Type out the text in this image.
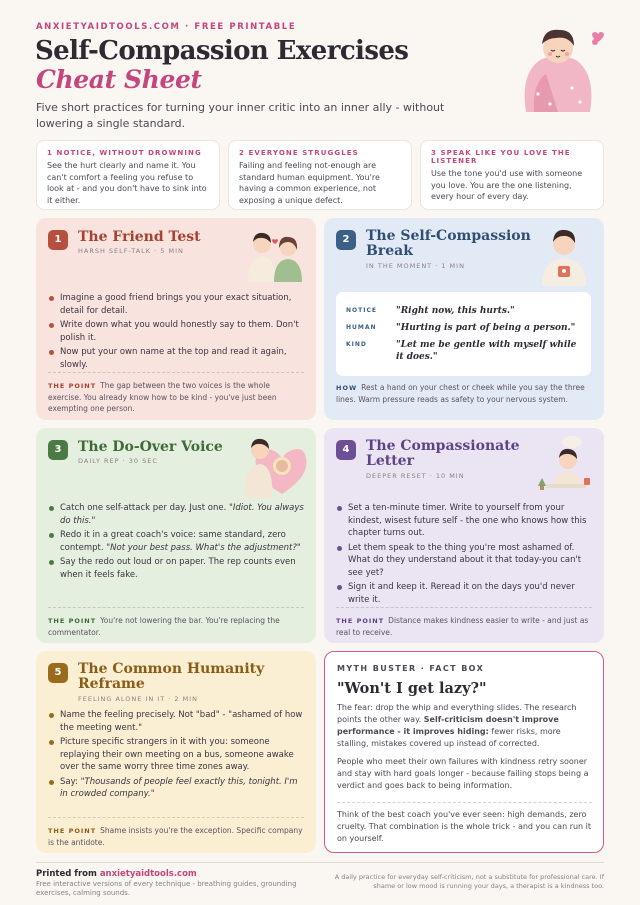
ANXIETYAIDTOOLS.COM · FREE PRINTABLE
Self-Compassion Exercises
Cheat Sheet
Five short practices for turning your inner critic into an inner ally - without lowering a single standard.
1 NOTICE, WITHOUT DROWNING
See the hurt clearly and name it. You can't comfort a feeling you refuse to look at - and you don't have to sink into it either.
2 EVERYONE STRUGGLES
Failing and feeling not-enough are standard human equipment. You're having a common experience, not exposing a unique defect.
3 SPEAK LIKE YOU LOVE THE LISTENER
Use the tone you'd use with someone you love. You are the one listening, every hour of every day.
1	The Friend Test
HARSH SELF-TALK · 5 MIN
Imagine a good friend brings you your exact situation, detail for detail.
Write down what you would honestly say to them. Don't polish it.
Now put your own name at the top and read it again, slowly.
THE POINT The gap between the two voices is the whole exercise. You already know how to be kind - you've just been exempting one person.
2	The Self-Compassion
Break
IN THE MOMENT · 1 MIN
NOTICE "Right now, this hurts."
HUMAN "Hurting is part of being a person."
KIND	"Let me be gentle with myself while it does."
HOW Rest a hand on your chest or cheek while you say the three lines. Warm pressure reads as safety to your nervous system.
3	The Do-Over Voice
DAILY REP · 30 SEC
Catch one self-attack per day. Just one. "Idiot. You always do this."
Redo it in a great coach's voice: same standard, zero contempt. "Not your best pass. What's the adjustment?"
Say the redo out loud or on paper. The rep counts even when it feels fake.
THE POINT You're not lowering the bar. You're replacing the commentator.
4	The Compassionate
Letter
DEEPER RESET · 10 MIN
Set a ten-minute timer. Write to yourself from your kindest, wisest future self - the one who knows how this chapter turns out.
Let them speak to the thing you're most ashamed of. What do they understand about it that today-you can't see yet?
Sign it and keep it. Reread it on the days you'd never write it.
THE POINT Distance makes kindness easier to write - and just as real to receive.
5	The Common Humanity
Reframe
FEELING ALONE IN IT · 2 MIN
Name the feeling precisely. Not "bad" - "ashamed of how the meeting went."
Picture specific strangers in it with you: someone replaying their own meeting on a bus, someone awake over the same worry three time zones away.
Say: "Thousands of people feel exactly this, tonight. I'm in crowded company."
THE POINT Shame insists you're the exception. Specific company is the antidote.
MYTH BUSTER · FACT BOX
"Won't I get lazy?"
The fear: drop the whip and everything slides. The research points the other way. Self-criticism doesn't improve performance - it improves hiding: fewer risks, more stalling, mistakes covered up instead of corrected.
People who meet their own failures with kindness retry sooner and stay with hard goals longer - because failing stops being a verdict and goes back to being information.
Think of the best coach you've ever seen: high demands, zero cruelty. That combination is the whole trick - and you can run it on yourself.
Printed from anxietyaidtools.com
Free interactive versions of every technique - breathing guides, grounding exercises, calming sounds.
A daily practice for everyday self-criticism, not a substitute for professional care. If shame or low mood is running your days, a therapist is a kindness too.
